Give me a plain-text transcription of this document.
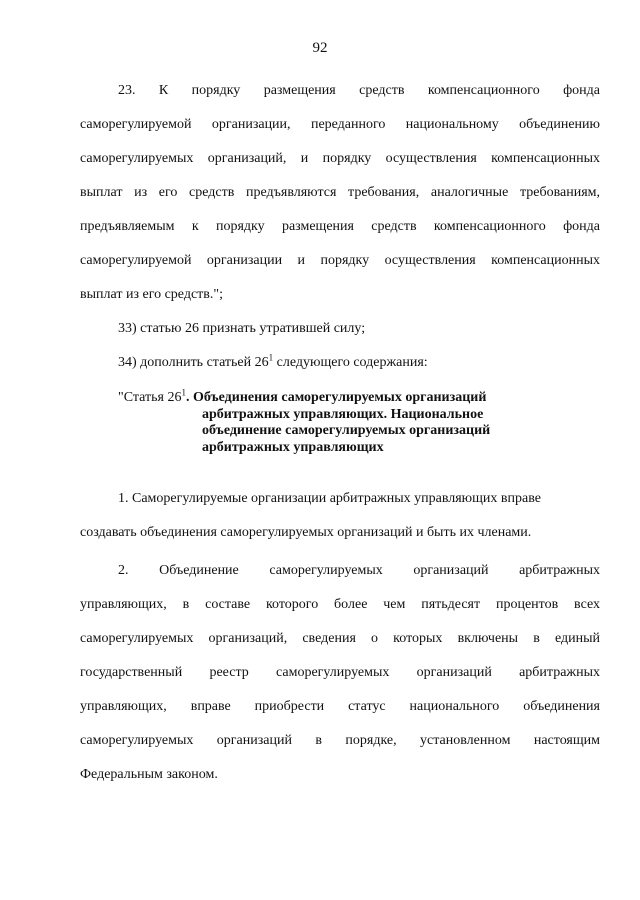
92
23. К порядку размещения средств компенсационного фонда
саморегулируемой организации, переданного национальному объединению
саморегулируемых организаций, и порядку осуществления компенсационных
выплат из его средств предъявляются требования, аналогичные требованиям,
предъявляемым к порядку размещения средств компенсационного фонда
саморегулируемой организации и порядку осуществления компенсационных
выплат из его средств.";
33) статью 26 признать утратившей силу;
34) дополнить статьей $26^1$ следующего содержания:
"Статья $26^1$. Объединения саморегулируемых организаций
арбитражных управляющих. Национальное
объединение саморегулируемых организаций
арбитражных управляющих
1. Саморегулируемые организации арбитражных управляющих вправе
создавать объединения саморегулируемых организаций и быть их членами.
2. Объединение саморегулируемых организаций арбитражных
управляющих, в составе которого более чем пятьдесят процентов всех
саморегулируемых организаций, сведения о которых включены в единый
государственный реестр саморегулируемых организаций арбитражных
управляющих, вправе приобрести статус национального объединения
саморегулируемых организаций в порядке, установленном настоящим
Федеральным законом.
